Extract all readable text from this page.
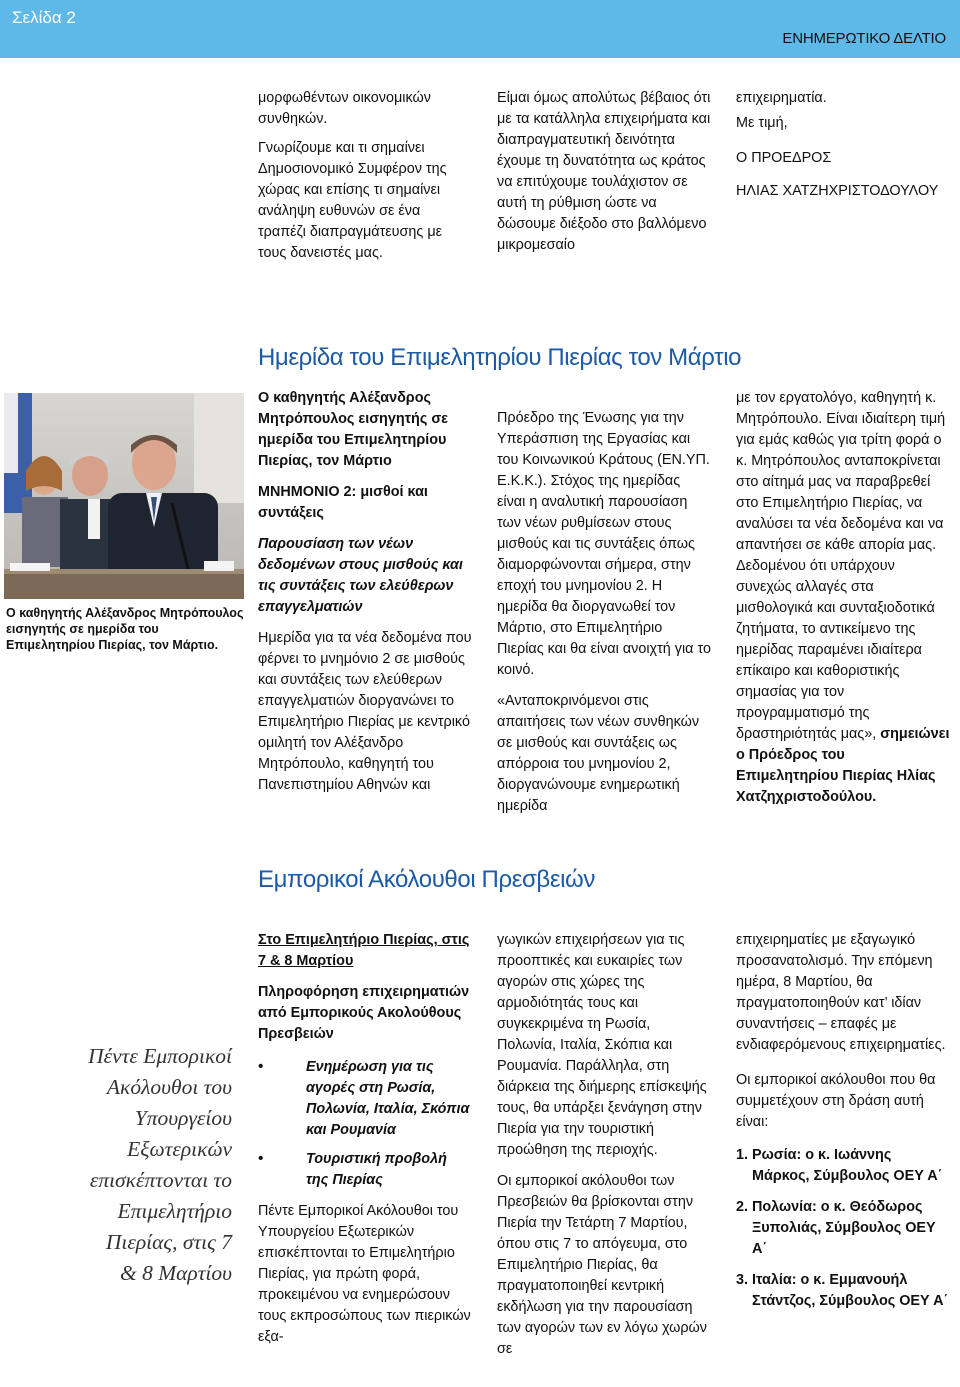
Σελίδα 2
ΕΝΗΜΕΡΩΤΙΚΟ ΔΕΛΤΙΟ

μορφωθέντων οικονομικών συνθηκών.

Γνωρίζουμε και τι σημαίνει Δημοσιονομικό Συμφέρον της χώρας και επίσης τι σημαίνει ανάληψη ευθυνών σε ένα τραπέζι διαπραγμάτευσης με τους δανειστές μας.

Είμαι όμως απολύτως βέβαιος ότι με τα κατάλληλα επιχειρήματα και διαπραγματευτική δεινότητα έχουμε τη δυνατότητα ως κράτος να επιτύχουμε τουλάχιστον σε αυτή τη ρύθμιση ώστε να δώσουμε διέξοδο στο βαλλόμενο μικρομεσαίο

επιχειρηματία.

Με τιμή,

Ο ΠΡΟΕΔΡΟΣ

ΗΛΙΑΣ ΧΑΤΖΗΧΡΙΣΤΟΔΟΥΛΟΥ

Ημερίδα του Επιμελητηρίου Πιερίας τον Μάρτιο
Ο καθηγητής Αλέξανδρος Μητρόπουλος εισηγητής σε ημερίδα του Επιμελητηρίου Πιερίας, τον Μάρτιο.

Ο καθηγητής Αλέξανδρος Μητρόπουλος εισηγητής σε ημερίδα του Επιμελητηρίου Πιερίας, τον Μάρτιο

ΜΝΗΜΟΝΙΟ 2: μισθοί και συντάξεις

Παρουσίαση των νέων δεδομένων στους μισθούς και τις συντάξεις των ελεύθερων επαγγελματιών

Ημερίδα για τα νέα δεδομένα που φέρνει το μνημόνιο 2 σε μισθούς και συντάξεις των ελεύθερων επαγγελματιών διοργανώνει το Επιμελητήριο Πιερίας με κεντρικό ομιλητή τον Αλέξανδρο Μητρόπουλο, καθηγητή του Πανεπιστημίου Αθηνών και

Πρόεδρο της Ένωσης για την Υπεράσπιση της Εργασίας και του Κοινωνικού Κράτους (ΕΝ.ΥΠ. Ε.Κ.Κ.). Στόχος της ημερίδας είναι η αναλυτική παρουσίαση των νέων ρυθμίσεων στους μισθούς και τις συντάξεις όπως διαμορφώνονται σήμερα, στην εποχή του μνημονίου 2. Η ημερίδα θα διοργανωθεί τον Μάρτιο, στο Επιμελητήριο Πιερίας και θα είναι ανοιχτή για το κοινό.

«Ανταποκρινόμενοι στις απαιτήσεις των νέων συνθηκών σε μισθούς και συντάξεις ως απόρροια του μνημονίου 2, διοργανώνουμε ενημερωτική ημερίδα

με τον εργατολόγο, καθηγητή κ. Μητρόπουλο. Είναι ιδιαίτερη τιμή για εμάς καθώς για τρίτη φορά ο κ. Μητρόπουλος ανταποκρίνεται στο αίτημά μας να παραβρεθεί στο Επιμελητήριο Πιερίας, να αναλύσει τα νέα δεδομένα και να απαντήσει σε κάθε απορία μας. Δεδομένου ότι υπάρχουν συνεχώς αλλαγές στα μισθολογικά και συνταξιοδοτικά ζητήματα, το αντικείμενο της ημερίδας παραμένει ιδιαίτερα επίκαιρο και καθοριστικής σημασίας για τον προγραμματισμό της δραστηριότητάς μας», σημειώνει ο Πρόεδρος του Επιμελητηρίου Πιερίας Ηλίας Χατζηχριστοδούλου.

Εμπορικοί Ακόλουθοι Πρεσβειών
Πέντε Εμπορικοί Ακόλουθοι του Υπουργείου Εξωτερικών επισκέπτονται το Επιμελητήριο Πιερίας, στις 7 & 8 Μαρτίου

Στο Επιμελητήριο Πιερίας, στις 7 & 8 Μαρτίου

Πληροφόρηση επιχειρηματιών από Εμπορικούς Ακολούθους Πρεσβειών

•	Ενημέρωση για τις αγορές στη Ρωσία, Πολωνία, Ιταλία, Σκόπια και Ρουμανία
•	Τουριστική προβολή της Πιερίας

Πέντε Εμπορικοί Ακόλουθοι του Υπουργείου Εξωτερικών επισκέπτονται το Επιμελητήριο Πιερίας, για πρώτη φορά, προκειμένου να ενημερώσουν τους εκπροσώπους των πιερικών εξα-

γωγικών επιχειρήσεων για τις προοπτικές και ευκαιρίες των αγορών στις χώρες της αρμοδιότητάς τους και συγκεκριμένα τη Ρωσία, Πολωνία, Ιταλία, Σκόπια και Ρουμανία. Παράλληλα, στη διάρκεια της διήμερης επίσκεψής τους, θα υπάρξει ξενάγηση στην Πιερία για την τουριστική προώθηση της περιοχής.

Οι εμπορικοί ακόλουθοι των Πρεσβειών θα βρίσκονται στην Πιερία την Τετάρτη 7 Μαρτίου, όπου στις 7 το απόγευμα, στο Επιμελητήριο Πιερίας, θα πραγματοποιηθεί κεντρική εκδήλωση για την παρουσίαση των αγορών των εν λόγω χωρών σε

επιχειρηματίες με εξαγωγικό προσανατολισμό. Την επόμενη ημέρα, 8 Μαρτίου, θα πραγματοποιηθούν κατ’ ιδίαν συναντήσεις – επαφές με ενδιαφερόμενους επιχειρηματίες.

Οι εμπορικοί ακόλουθοι που θα συμμετέχουν στη δράση αυτή είναι:

1. Ρωσία: ο κ. Ιωάννης Μάρκος, Σύμβουλος ΟΕΥ Α΄
2. Πολωνία: ο κ. Θεόδωρος Ξυπολιάς, Σύμβουλος ΟΕΥ Α΄
3. Ιταλία: ο κ. Εμμανουήλ Στάντζος, Σύμβουλος ΟΕΥ Α΄
